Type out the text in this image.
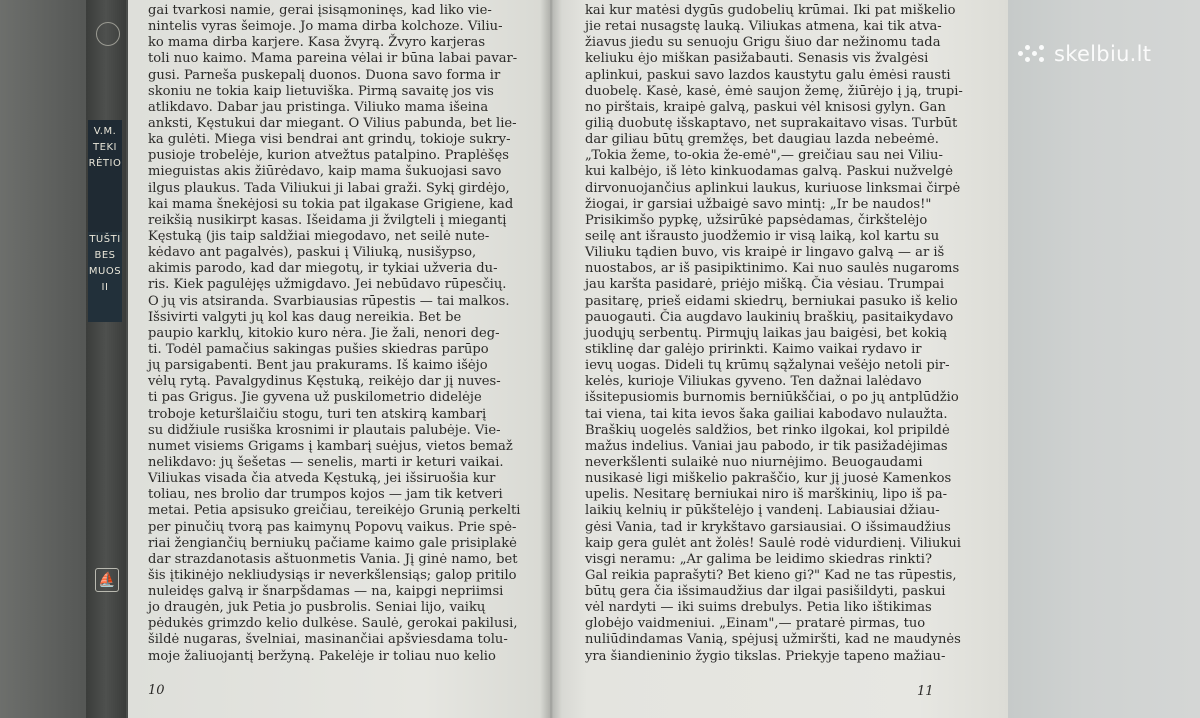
V.M.
TEKI
RĖTIO
TUŠTI
BES
MUOS
II
⛵
gai tvarkosi namie, gerai įsisąmoninęs, kad liko vie-
nintelis vyras šeimoje. Jo mama dirba kolchoze. Viliu-
ko mama dirba karjere. Kasa žvyrą. Žvyro karjeras
toli nuo kaimo. Mama pareina vėlai ir būna labai pavar-
gusi. Parneša puskepalį duonos. Duona savo forma ir
skoniu ne tokia kaip lietuviška. Pirmą savaitę jos vis
atlikdavo. Dabar jau pristinga. Viliuko mama išeina
anksti, Kęstukui dar miegant. O Vilius pabunda, bet lie-
ka gulėti. Miega visi bendrai ant grindų, tokioje sukry-
pusioje trobelėje, kurion atvežtus patalpino. Praplėšęs
mieguistas akis žiūrėdavo, kaip mama šukuojasi savo
ilgus plaukus. Tada Viliukui ji labai graži. Sykį girdėjo,
kai mama šnekėjosi su tokia pat ilgakase Grigiene, kad
reikšią nusikirpt kasas. Išeidama ji žvilgteli į miegantį
Kęstuką (jis taip saldžiai miegodavo, net seilė nute-
kėdavo ant pagalvės), paskui į Viliuką, nusišypso,
akimis parodo, kad dar miegotų, ir tykiai užveria du-
ris. Kiek pagulėjęs užmigdavo. Jei nebūdavo rūpesčių.
O jų vis atsiranda. Svarbiausias rūpestis — tai malkos.
Išsivirti valgyti jų kol kas daug nereikia. Bet be
paupio karklų, kitokio kuro nėra. Jie žali, nenori deg-
ti. Todėl pamačius sakingas pušies skiedras parūpo
jų parsigabenti. Bent jau prakurams. Iš kaimo išėjo
vėlų rytą. Pavalgydinus Kęstuką, reikėjo dar jį nuves-
ti pas Grigus. Jie gyvena už puskilometrio didelėje
troboje keturšlaičiu stogu, turi ten atskirą kambarį
su didžiule rusiška krosnimi ir plautais palubėje. Vie-
numet visiems Grigams į kambarį suėjus, vietos bemaž
nelikdavo: jų šešetas — senelis, marti ir keturi vaikai.
Viliukas visada čia atveda Kęstuką, jei išsiruošia kur
toliau, nes brolio dar trumpos kojos — jam tik ketveri
metai. Petia apsisuko greičiau, tereikėjo Grunią perkelti
per pinučių tvorą pas kaimynų Popovų vaikus. Prie spė-
riai žengiančių berniukų pačiame kaimo gale prisiplakė
dar strazdanotasis aštuonmetis Vania. Jį ginė namo, bet
šis įtikinėjo nekliudysiąs ir neverkšlensiąs; galop pritilo
nuleidęs galvą ir šnarpšdamas — na, kaipgi nepriimsi
jo draugėn, juk Petia jo pusbrolis. Seniai lijo, vaikų
pėdukės grimzdo kelio dulkėse. Saulė, gerokai pakilusi,
šildė nugaras, švelniai, masinančiai apšviesdama tolu-
moje žaliuojantį beržyną. Pakelėje ir toliau nuo kelio
kai kur matėsi dygūs gudobelių krūmai. Iki pat miškelio
jie retai nusagstę lauką. Viliukas atmena, kai tik atva-
žiavus jiedu su senuoju Grigu šiuo dar nežinomu tada
keliuku ėjo miškan pasižabauti. Senasis vis žvalgėsi
aplinkui, paskui savo lazdos kaustytu galu ėmėsi rausti
duobelę. Kasė, kasė, ėmė saujon žemę, žiūrėjo į ją, trupi-
no pirštais, kraipė galvą, paskui vėl knisosi gylyn. Gan
gilią duobutę išskaptavo, net suprakaitavo visas. Turbūt
dar giliau būtų gremžęs, bet daugiau lazda nebeėmė.
„Tokia žeme, to-okia že-emė",— greičiau sau nei Viliu-
kui kalbėjo, iš lėto kinkuodamas galvą. Paskui nužvelgė
dirvonuojančius aplinkui laukus, kuriuose linksmai čirpė
žiogai, ir garsiai užbaigė savo mintį: „Ir be naudos!"
Prisikimšo pypkę, užsirūkė papsėdamas, čirkštelėjo
seilę ant išrausto juodžemio ir visą laiką, kol kartu su
Viliuku tądien buvo, vis kraipė ir lingavo galvą — ar iš
nuostabos, ar iš pasipiktinimo. Kai nuo saulės nugaroms
jau karšta pasidarė, priėjo mišką. Čia vėsiau. Trumpai
pasitarę, prieš eidami skiedrų, berniukai pasuko iš kelio
pauogauti. Čia augdavo laukinių braškių, pasitaikydavo
juodųjų serbentų. Pirmųjų laikas jau baigėsi, bet kokią
stiklinę dar galėjo pririnkti. Kaimo vaikai rydavo ir
ievų uogas. Dideli tų krūmų sąžalynai vešėjo netoli pir-
kelės, kurioje Viliukas gyveno. Ten dažnai lalėdavo
išsitepusiomis burnomis berniūkščiai, o po jų antplūdžio
tai viena, tai kita ievos šaka gailiai kabodavo nulaužta.
Braškių uogelės saldžios, bet rinko ilgokai, kol pripildė
mažus indelius. Vaniai jau pabodo, ir tik pasižadėjimas
neverkšlenti sulaikė nuo niurnėjimo. Beuogaudami
nusikasė ligi miškelio pakraščio, kur jį juosė Kamenkos
upelis. Nesitarę berniukai niro iš marškinių, lipo iš pa-
laikių kelnių ir pūkštelėjo į vandenį. Labiausiai džiau-
gėsi Vania, tad ir krykštavo garsiausiai. O išsimaudžius
kaip gera gulėt ant žolės! Saulė rodė vidurdienį. Viliukui
visgi neramu: „Ar galima be leidimo skiedras rinkti?
Gal reikia paprašyti? Bet kieno gi?" Kad ne tas rūpestis,
būtų gera čia išsimaudžius dar ilgai pasišildyti, paskui
vėl nardyti — iki suims drebulys. Petia liko ištikimas
globėjo vaidmeniui. „Einam",— pratarė pirmas, tuo
nuliūdindamas Vanią, spėjusį užmiršti, kad ne maudynės
yra šiandieninio žygio tikslas. Priekyje tapeno mažiau-
10	11
skelbiu.lt
